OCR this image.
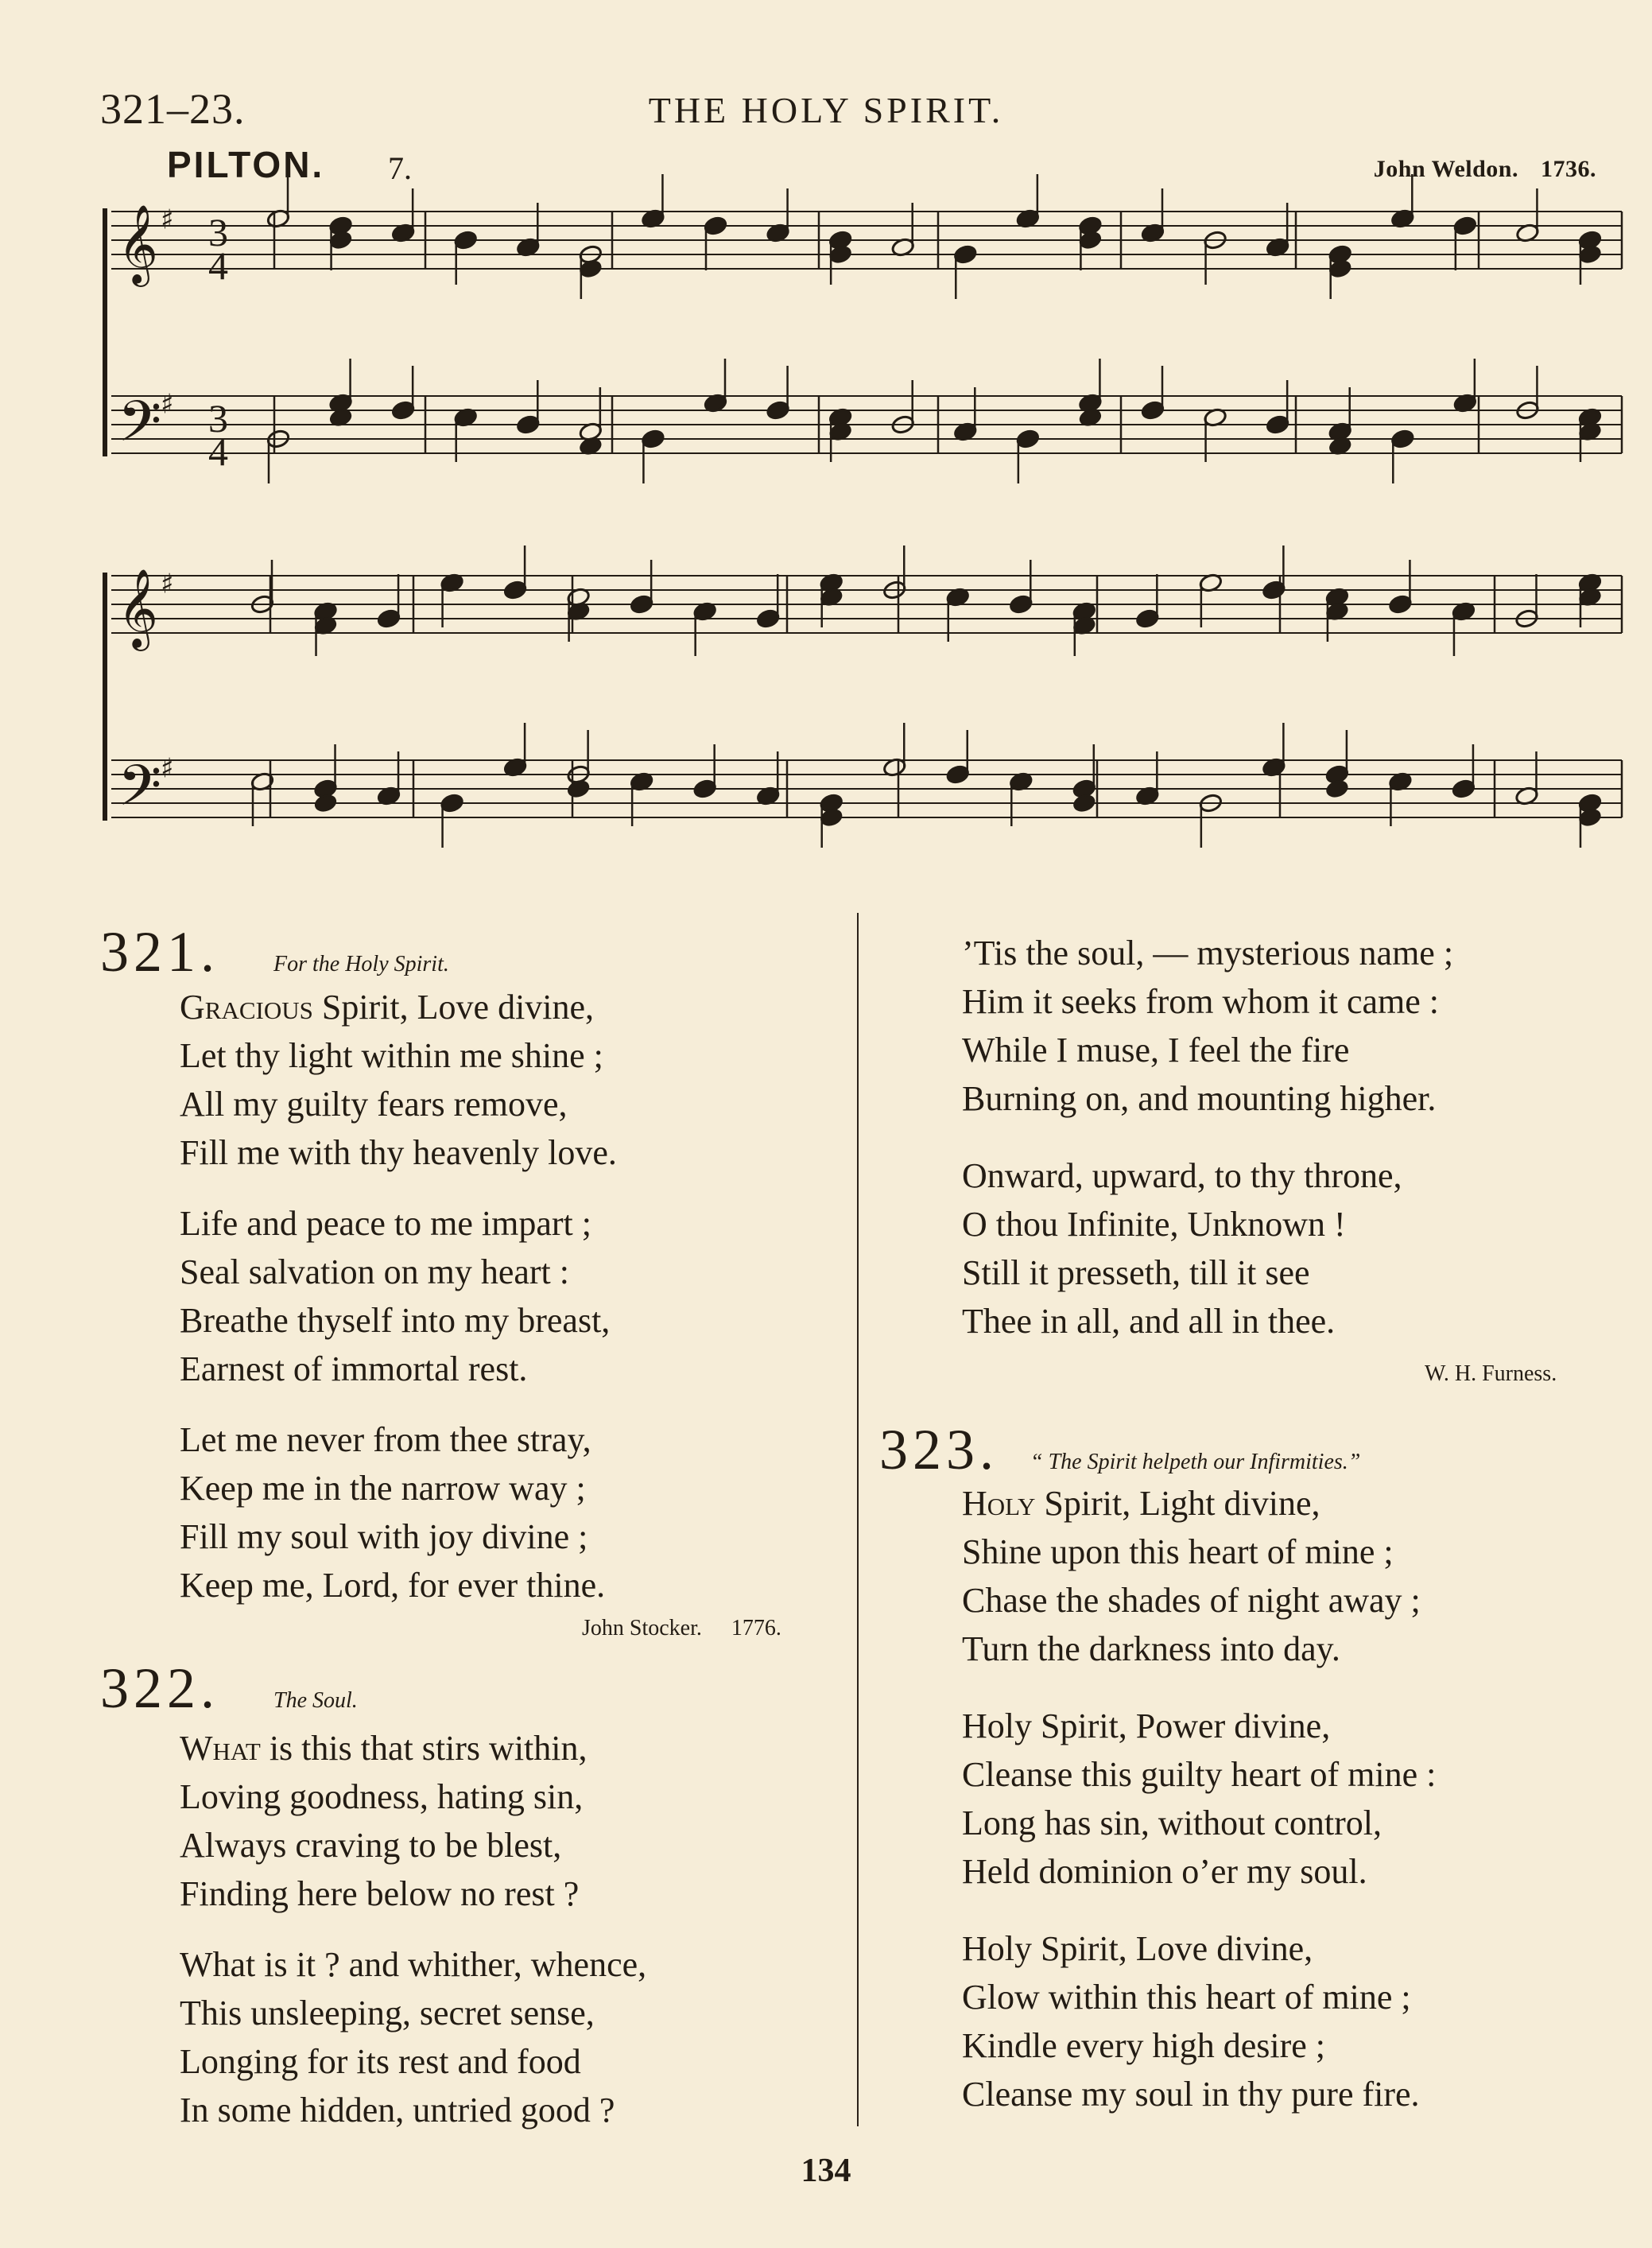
321–23.	THE HOLY SPIRIT.
PILTON. 7.	John Weldon. 1736.
𝄞 ♯
𝄢
♯
𝄞 ♯
𝄢
♯
3
4
3
4
321. For the Holy Spirit.
Gracious Spirit, Love divine,
Let thy light within me shine ;
All my guilty fears remove,
Fill me with thy heavenly love.
Life and peace to me impart ;
Seal salvation on my heart :
Breathe thyself into my breast,
Earnest of immortal rest.
Let me never from thee stray,
Keep me in the narrow way ;
Fill my soul with joy divine ;
Keep me, Lord, for ever thine.
John Stocker. 1776.
322. The Soul.
What is this that stirs within,
Loving goodness, hating sin,
Always craving to be blest,
Finding here below no rest ?
What is it ? and whither, whence,
This unsleeping, secret sense,
Longing for its rest and food
In some hidden, untried good ?
’Tis the soul, — mysterious name ;
Him it seeks from whom it came :
While I muse, I feel the fire
Burning on, and mounting higher.
Onward, upward, to thy throne,
O thou Infinite, Unknown !
Still it presseth, till it see
Thee in all, and all in thee.
W. H. Furness.
323. “ The Spirit helpeth our Infirmities.”
Holy Spirit, Light divine,
Shine upon this heart of mine ;
Chase the shades of night away ;
Turn the darkness into day.
Holy Spirit, Power divine,
Cleanse this guilty heart of mine :
Long has sin, without control,
Held dominion o’er my soul.
Holy Spirit, Love divine,
Glow within this heart of mine ;
Kindle every high desire ;
Cleanse my soul in thy pure fire.
134
